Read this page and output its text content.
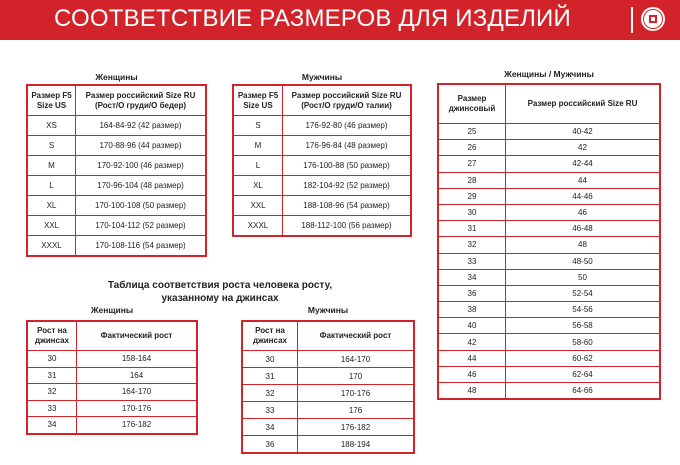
СООТВЕТСТВИЕ РАЗМЕРОВ ДЛЯ ИЗДЕЛИЙ
Женщины
Размер F5 Size US	Размер российский Size RU (Рост/О груди/О бедер)
XS	164-84-92 (42 размер)
S	170-88-96 (44 размер)
M	170-92-100 (46 размер)
L	170-96-104 (48 размер)
XL	170-100-108 (50 размер)
XXL	170-104-112 (52 размер)
XXXL	170-108-116 (54 размер)
Мужчины
Размер F5 Size US	Размер российский Size RU (Рост/О груди/О талии)
S	176-92-80 (46 размер)
M	176-96-84 (48 размер)
L	176-100-88 (50 размер)
XL	182-104-92 (52 размер)
XXL	188-108-96 (54 размер)
XXXL	188-112-100 (56 размер)
Женщины / Мужчины
Размер джинсовый	Размер российский Size RU
25	40-42
26	42
27	42-44
28	44
29	44-46
30	46
31	46-48
32	48
33	48-50
34	50
36	52-54
38	54-56
40	56-58
42	58-60
44	60-62
46	62-64
48	64-66
Таблица соответствия роста человека росту, указанному на джинсах
Женщины
Рост на джинсах	Фактический рост
30	158-164
31	164
32	164-170
33	170-176
34	176-182
Мужчины
Рост на джинсах	Фактический рост
30	164-170
31	170
32	170-176
33	176
34	176-182
36	188-194
